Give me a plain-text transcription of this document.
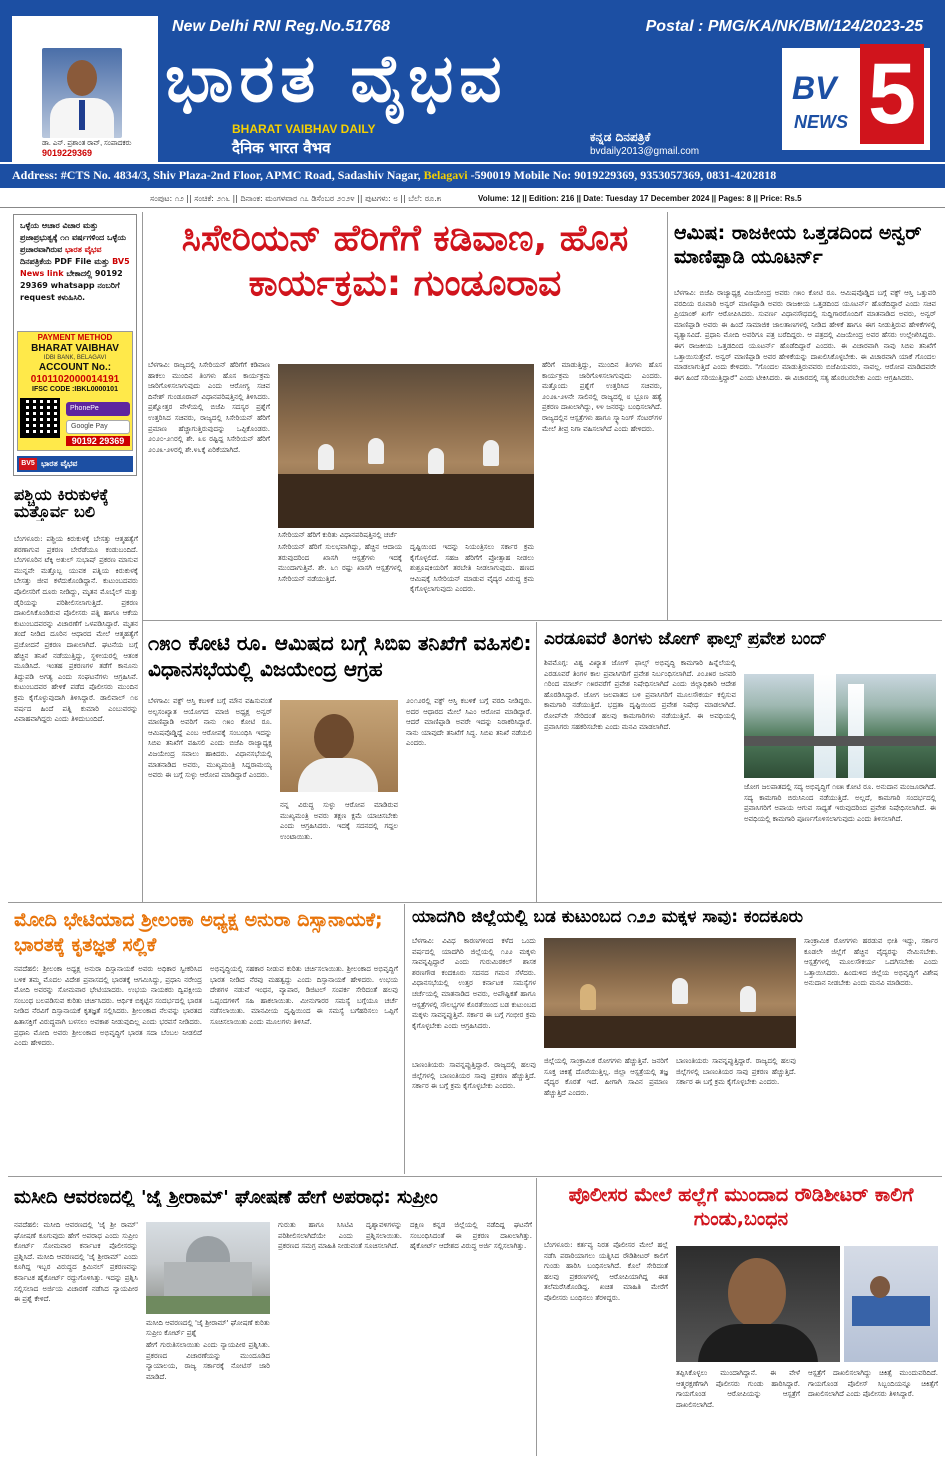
ಡಾ. ಎನ್. ಪ್ರಶಾಂತ ರಾವ್, ಸಂಪಾದಕರು
9019229369
New Delhi RNI Reg.No.51768	Postal : PMG/KA/NK/BM/124/2023-25
ಭಾರತ ವೈಭವ
BHARAT VAIBHAV DAILY
दैनिक भारत वैभव
ಕನ್ನಡ ದಿನಪತ್ರಿಕೆ
bvdaily2013@gmail.com
BV 5
NEWS
Address: #CTS No. 4834/3, Shiv Plaza-2nd Floor, APMC Road, Sadashiv Nagar, Belagavi -590019 Mobile No: 9019229369, 9353057369, 0831-4202818
ಸಂಪುಟ: ೧೨ || ಸಂಚಿಕೆ: ೨೧೬ || ದಿನಾಂಕ: ಮಂಗಳವಾರ ೧೭ ಡಿಸೆಂಬರ ೨೦೨೪ || ಪುಟಗಳು: ೮ || ಬೆಲೆ: ರೂ.೫	Volume: 12 || Edition: 216 || Date: Tuesday 17 December 2024 || Pages: 8 || Price: Rs.5
ಒಳ್ಳೆಯ ಆಚಾರ ವಿಚಾರ ಮತ್ತು ಪ್ರಜಾಪ್ರಭುತ್ವಕ್ಕೆ ೧೧ ವರ್ಷಗಳಿಂದ ಒಳ್ಳೆಯ ಪ್ರಚಾರವಾಗಿರುವ ಭಾರತ ವೈಭವ ದಿನಪತ್ರಿಕೆಯ PDF File ಮತ್ತು BV5 News link ಬೇಕಾದಲ್ಲಿ 90192 29369 whatsapp ನಂಬರಿಗೆ request ಕಳುಹಿಸಿರಿ.
PAYMENT METHOD
BHARAT VAIBHAV
IDBI BANK, BELAGAVI
ACCOUNT No.:
0101102000014191
IFSC CODE :IBKL0000101
PhonePe
Google Pay
90192 29369
ಭಾರತ ವೈಭವ
BV5
ಪಶ್ಚಿಯ ಕಿರುಕುಳಕ್ಕೆ ಮತ್ತೊರ್ವ ಬಲಿ
ಬೆಂಗಳೂರು: ಪಶ್ಚಿಯ ಕಿರುಕುಳಕ್ಕೆ ಬೇಸತ್ತು ಆತ್ಮಹತ್ಯೆಗೆ ಶರಣಾಗುವ ಪ್ರಕರಣ ಬೇರೆಡೆಯೂ ಕಂಡುಬಂದಿದೆ. ಬೆಂಗಳೂರಿನ ಟೆಕ್ಕಿ ಅತುಲ್ ಸುಭಾಷ್ ಪ್ರಕರಣ ಮಾಸುವ ಮುನ್ನವೇ ಮತ್ತೊಬ್ಬ ಯುವಕ ಪತ್ನಿಯ ಕಿರುಕುಳಕ್ಕೆ ಬೇಸತ್ತು ಜೀವ ಕಳೆದುಕೊಂಡಿದ್ದಾನೆ. ಕುಟುಂಬದವರು ಪೊಲೀಸರಿಗೆ ದೂರು ನೀಡಿದ್ದು, ಮೃತನ ಮೊಬೈಲ್ ಮತ್ತು ಡೈರಿಯನ್ನು ಪರಿಶೀಲಿಸಲಾಗುತ್ತಿದೆ. ಪ್ರಕರಣ ದಾಖಲಿಸಿಕೊಂಡಿರುವ ಪೊಲೀಸರು ಪತ್ನಿ ಹಾಗೂ ಆಕೆಯ ಕುಟುಂಬದವರನ್ನು ವಿಚಾರಣೆಗೆ ಒಳಪಡಿಸಿದ್ದಾರೆ. ಮೃತನ ತಂದೆ ನೀಡಿದ ದೂರಿನ ಆಧಾರದ ಮೇಲೆ ಆತ್ಮಹತ್ಯೆಗೆ ಪ್ರಚೋದನೆ ಪ್ರಕರಣ ದಾಖಲಾಗಿದೆ. ಘಟನೆಯ ಬಗ್ಗೆ ಹೆಚ್ಚಿನ ತನಿಖೆ ನಡೆಯುತ್ತಿದ್ದು, ಸ್ಥಳೀಯರಲ್ಲಿ ಆತಂಕ ಮೂಡಿಸಿದೆ. ಇಂತಹ ಪ್ರಕರಣಗಳ ತಡೆಗೆ ಕಾನೂನು ತಿದ್ದುಪಡಿ ಅಗತ್ಯ ಎಂದು ಸಂಘಟನೆಗಳು ಆಗ್ರಹಿಸಿವೆ. ಕುಟುಂಬದವರ ಹೇಳಿಕೆ ಪಡೆದ ಪೊಲೀಸರು ಮುಂದಿನ ಕ್ರಮ ಕೈಗೊಳ್ಳುವುದಾಗಿ ತಿಳಿಸಿದ್ದಾರೆ. ಡಾಲಿವಾಲ್ ೧೮ ವರ್ಷದ ಹಿಂದೆ ಪತ್ನಿ ಕುಮಾರಿ ಎಂಬುವರನ್ನು ವಿವಾಹವಾಗಿದ್ದರು ಎಂದು ತಿಳಿದುಬಂದಿದೆ.
ಸಿಸೇರಿಯನ್ ಹೆರಿಗೆಗೆ ಕಡಿವಾಣ, ಹೊಸ ಕಾರ್ಯಕ್ರಮ: ಗುಂಡೂರಾವ
ಬೆಳಗಾವಿ: ರಾಜ್ಯದಲ್ಲಿ ಸಿಸೇರಿಯನ್ ಹೆರಿಗೆಗೆ ಕಡಿವಾಣ ಹಾಕಲು ಮುಂದಿನ ತಿಂಗಳು ಹೊಸ ಕಾರ್ಯಕ್ರಮ ಜಾರಿಗೊಳಿಸಲಾಗುವುದು ಎಂದು ಆರೋಗ್ಯ ಸಚಿವ ದಿನೇಶ್ ಗುಂಡೂರಾವ್ ವಿಧಾನಪರಿಷತ್ತಿನಲ್ಲಿ ತಿಳಿಸಿದರು. ಪ್ರಶ್ನೋತ್ತರ ವೇಳೆಯಲ್ಲಿ ಬಿಜೆಪಿ ಸದಸ್ಯರ ಪ್ರಶ್ನೆಗೆ ಉತ್ತರಿಸಿದ ಸಚಿವರು, ರಾಜ್ಯದಲ್ಲಿ ಸಿಸೇರಿಯನ್ ಹೆರಿಗೆ ಪ್ರಮಾಣ ಹೆಚ್ಚಾಗುತ್ತಿರುವುದನ್ನು ಒಪ್ಪಿಕೊಂಡರು. ೨೦೨೦-೨೧ರಲ್ಲಿ ಶೇ. ೩೮ ರಷ್ಟಿದ್ದ ಸಿಸೇರಿಯನ್ ಹೆರಿಗೆ ೨೦೨೩-೨೪ರಲ್ಲಿ ಶೇ.೪೬ಕ್ಕೆ ಏರಿಕೆಯಾಗಿದೆ.
ಸಿಸೇರಿಯನ್ ಹೆರಿಗೆ ಕುರಿತು ವಿಧಾನಪರಿಷತ್ತಿನಲ್ಲಿ ಚರ್ಚೆ
ಸಿಸೇರಿಯನ್ ಹೆರಿಗೆ ಸುಲಭವಾಗಿದ್ದು, ಹೆಚ್ಚಿನ ಆದಾಯ ತರುವುದರಿಂದ ಖಾಸಗಿ ಆಸ್ಪತ್ರೆಗಳು ಇದಕ್ಕೆ ಮುಂದಾಗುತ್ತಿವೆ. ಶೇ. ೬೧ ರಷ್ಟು ಖಾಸಗಿ ಆಸ್ಪತ್ರೆಗಳಲ್ಲಿ ಸಿಸೇರಿಯನ್ ನಡೆಯುತ್ತಿದೆ.
ದೃಷ್ಟಿಯಿಂದ ಇದನ್ನು ನಿಯಂತ್ರಿಸಲು ಸರ್ಕಾರ ಕ್ರಮ ಕೈಗೊಳ್ಳಲಿದೆ. ಸಹಜ ಹೆರಿಗೆಗೆ ಪ್ರೋತ್ಸಾಹ ನೀಡಲು ಶುಶ್ರೂಷಕಿಯರಿಗೆ ತರಬೇತಿ ನೀಡಲಾಗುವುದು. ಹಣದ ಆಮಿಷಕ್ಕೆ ಸಿಸೇರಿಯನ್ ಮಾಡುವ ವೈದ್ಯರ ವಿರುದ್ಧ ಕ್ರಮ ಕೈಗೊಳ್ಳಲಾಗುವುದು ಎಂದರು.
ಹೆರಿಗೆ ಮಾಡುತ್ತಿದ್ದು, ಮುಂದಿನ ತಿಂಗಳು ಹೊಸ ಕಾರ್ಯಕ್ರಮ ಜಾರಿಗೊಳಿಸಲಾಗುವುದು ಎಂದರು. ಮತ್ತೊಂದು ಪ್ರಶ್ನೆಗೆ ಉತ್ತರಿಸಿದ ಸಚಿವರು, ೨೦೨೩-೨೪ನೇ ಸಾಲಿನಲ್ಲಿ ರಾಜ್ಯದಲ್ಲಿ ೮ ಭ್ರೂಣ ಹತ್ಯೆ ಪ್ರಕರಣ ದಾಖಲಾಗಿದ್ದು, ೪೪ ಜನರನ್ನು ಬಂಧಿಸಲಾಗಿದೆ. ರಾಜ್ಯದಲ್ಲಿನ ಆಸ್ಪತ್ರೆಗಳು ಹಾಗೂ ಸ್ಕ್ಯಾನಿಂಗ್ ಸೆಂಟರ್‌ಗಳ ಮೇಲೆ ತೀವ್ರ ನಿಗಾ ವಹಿಸಲಾಗಿದೆ ಎಂದು ಹೇಳಿದರು.
ಆಮಿಷ: ರಾಜಕೀಯ ಒತ್ತಡದಿಂದ ಅನ್ವರ್ ಮಾಣಿಪ್ಪಾಡಿ ಯೂಟರ್ನ್
ಬೆಳಗಾವಿ: ಬಿಜೆಪಿ ರಾಜ್ಯಾಧ್ಯಕ್ಷ ವಿಜಯೇಂದ್ರ ಅವರು ೧೫೦ ಕೋಟಿ ರೂ. ಆಮಿಷವೊಡ್ಡಿದ ಬಗ್ಗೆ ವಕ್ಫ್ ಆಸ್ತಿ ಒತ್ತುವರಿ ವರದಿಯ ರೂವಾರಿ ಅನ್ವರ್ ಮಾಣಿಪ್ಪಾಡಿ ಅವರು ರಾಜಕೀಯ ಒತ್ತಡದಿಂದ ಯೂಟರ್ನ್ ಹೊಡೆದಿದ್ದಾರೆ ಎಂದು ಸಚಿವ ಪ್ರಿಯಾಂಕ್ ಖರ್ಗೆ ಆರೋಪಿಸಿದರು. ಸುವರ್ಣ ವಿಧಾನಸೌಧದಲ್ಲಿ ಸುದ್ದಿಗಾರರೊಂದಿಗೆ ಮಾತನಾಡಿದ ಅವರು, ಅನ್ವರ್ ಮಾಣಿಪ್ಪಾಡಿ ಅವರು ಈ ಹಿಂದೆ ಸಾಮಾಜಿಕ ಜಾಲತಾಣಗಳಲ್ಲಿ ನೀಡಿದ ಹೇಳಿಕೆ ಹಾಗೂ ಈಗ ನೀಡುತ್ತಿರುವ ಹೇಳಿಕೆಗಳಲ್ಲಿ ವ್ಯತ್ಯಾಸವಿದೆ. ಪ್ರಧಾನಿ ಮೋದಿ ಅವರಿಗೂ ಪತ್ರ ಬರೆದಿದ್ದರು. ಆ ಪತ್ರದಲ್ಲಿ ವಿಜಯೇಂದ್ರ ಅವರ ಹೆಸರು ಉಲ್ಲೇಖಿಸಿದ್ದರು. ಈಗ ರಾಜಕೀಯ ಒತ್ತಡದಿಂದ ಯೂಟರ್ನ್ ಹೊಡೆದಿದ್ದಾರೆ ಎಂದರು. ಈ ವಿಚಾರವಾಗಿ ನಾವು ಸಿಬಿಐ ತನಿಖೆಗೆ ಒತ್ತಾಯಿಸುತ್ತೇವೆ. ಅನ್ವರ್ ಮಾಣಿಪ್ಪಾಡಿ ಅವರ ಹೇಳಿಕೆಯನ್ನು ದಾಖಲಿಸಿಕೊಳ್ಳಬೇಕು. ಈ ವಿಚಾರವಾಗಿ ಯಾಕೆ ಗೊಂದಲ ಮಾಡಲಾಗುತ್ತಿದೆ ಎಂದು ಕೇಳಿದರು. "ಗೊಂದಲ ಮಾಡುತ್ತಿರುವವರು ಬಿಜೆಪಿಯವರು, ನಾವಲ್ಲ. ಆರೋಪ ಮಾಡಿದವರೇ ಈಗ ಹಿಂದೆ ಸರಿಯುತ್ತಿದ್ದಾರೆ" ಎಂದು ಟೀಕಿಸಿದರು. ಈ ವಿಚಾರದಲ್ಲಿ ಸತ್ಯ ಹೊರಬರಬೇಕು ಎಂದು ಆಗ್ರಹಿಸಿದರು.
೧೫೦ ಕೋಟಿ ರೂ. ಆಮಿಷದ ಬಗ್ಗೆ ಸಿಬಿಐ ತನಿಖೆಗೆ ವಹಿಸಲಿ: ವಿಧಾನಸಭೆಯಲ್ಲಿ ವಿಜಯೇಂದ್ರ ಆಗ್ರಹ
ಬೆಳಗಾವಿ: ವಕ್ಫ್ ಆಸ್ತಿ ಕಬಳಿಕೆ ಬಗ್ಗೆ ಮೌನ ವಹಿಸುವಂತೆ ಅಲ್ಪಸಂಖ್ಯಾತ ಆಯೋಗದ ಮಾಜಿ ಅಧ್ಯಕ್ಷ ಅನ್ವರ್ ಮಾಣಿಪ್ಪಾಡಿ ಅವರಿಗೆ ನಾನು ೧೫೦ ಕೋಟಿ ರೂ. ಆಮಿಷವೊಡ್ಡಿದ್ದೆ ಎಂಬ ಆರೋಪಕ್ಕೆ ಸಂಬಂಧಿಸಿ ಇದನ್ನು ಸಿಬಿಐ ತನಿಖೆಗೆ ವಹಿಸಲಿ ಎಂದು ಬಿಜೆಪಿ ರಾಜ್ಯಾಧ್ಯಕ್ಷ ವಿಜಯೇಂದ್ರ ಸವಾಲು ಹಾಕಿದರು. ವಿಧಾನಸಭೆಯಲ್ಲಿ ಮಾತನಾಡಿದ ಅವರು, ಮುಖ್ಯಮಂತ್ರಿ ಸಿದ್ದರಾಮಯ್ಯ ಅವರು ಈ ಬಗ್ಗೆ ಸುಳ್ಳು ಆರೋಪ ಮಾಡಿದ್ದಾರೆ ಎಂದರು.
ನನ್ನ ವಿರುದ್ಧ ಸುಳ್ಳು ಆರೋಪ ಮಾಡಿರುವ ಮುಖ್ಯಮಂತ್ರಿ ಅವರು ತಕ್ಷಣ ಕ್ಷಮೆ ಯಾಚಿಸಬೇಕು ಎಂದು ಆಗ್ರಹಿಸಿದರು. ಇದಕ್ಕೆ ಸದನದಲ್ಲಿ ಗದ್ದಲ ಉಂಟಾಯಿತು.
೨೦೧೨ರಲ್ಲಿ ವಕ್ಫ್ ಆಸ್ತಿ ಕಬಳಿಕೆ ಬಗ್ಗೆ ವರದಿ ನೀಡಿದ್ದರು. ಅದರ ಆಧಾರದ ಮೇಲೆ ಸಿಎಂ ಆರೋಪ ಮಾಡಿದ್ದಾರೆ. ಆದರೆ ಮಾಣಿಪ್ಪಾಡಿ ಅವರೇ ಇದನ್ನು ನಿರಾಕರಿಸಿದ್ದಾರೆ. ನಾನು ಯಾವುದೇ ತನಿಖೆಗೆ ಸಿದ್ಧ. ಸಿಬಿಐ ತನಿಖೆ ನಡೆಯಲಿ ಎಂದರು.
ಎರಡೂವರೆ ತಿಂಗಳು ಜೋಗ್ ಫಾಲ್ಸ್ ಪ್ರವೇಶ ಬಂದ್
ಶಿವಮೊಗ್ಗ: ವಿಶ್ವ ವಿಖ್ಯಾತ ಜೋಗ್ ಫಾಲ್ಸ್ ಅಭಿವೃದ್ಧಿ ಕಾಮಗಾರಿ ಹಿನ್ನೆಲೆಯಲ್ಲಿ ಎರಡೂವರೆ ತಿಂಗಳ ಕಾಲ ಪ್ರವಾಸಿಗರಿಗೆ ಪ್ರವೇಶ ನಿರ್ಬಂಧಿಸಲಾಗಿದೆ. ೨೦೨೫ರ ಜನವರಿ ೧ರಿಂದ ಮಾರ್ಚ್ ೧೫ರವರೆಗೆ ಪ್ರವೇಶ ನಿಷೇಧಿಸಲಾಗಿದೆ ಎಂದು ಜಿಲ್ಲಾಧಿಕಾರಿ ಆದೇಶ ಹೊರಡಿಸಿದ್ದಾರೆ. ಜೋಗ ಜಲಪಾತದ ಬಳಿ ಪ್ರವಾಸಿಗರಿಗೆ ಮೂಲಸೌಕರ್ಯ ಕಲ್ಪಿಸುವ ಕಾಮಗಾರಿ ನಡೆಯುತ್ತಿದೆ. ಭದ್ರತಾ ದೃಷ್ಟಿಯಿಂದ ಪ್ರವೇಶ ನಿಷೇಧ ಮಾಡಲಾಗಿದೆ. ರೋಪ್‌ವೇ ಸೇರಿದಂತೆ ಹಲವು ಕಾಮಗಾರಿಗಳು ನಡೆಯುತ್ತಿವೆ. ಈ ಅವಧಿಯಲ್ಲಿ ಪ್ರವಾಸಿಗರು ಸಹಕರಿಸಬೇಕು ಎಂದು ಮನವಿ ಮಾಡಲಾಗಿದೆ.
ಜೋಗ ಜಲಪಾತದಲ್ಲಿ ಸದ್ಯ ಅಭಿವೃದ್ಧಿಗೆ ೧೮೫ ಕೋಟಿ ರೂ. ಅನುದಾನ ಮಂಜೂರಾಗಿದೆ. ಸದ್ಯ ಕಾಮಗಾರಿ ಬಿರುಸಿನಿಂದ ನಡೆಯುತ್ತಿದೆ. ಅಲ್ಲದೆ, ಕಾಮಗಾರಿ ಸಂದರ್ಭದಲ್ಲಿ ಪ್ರವಾಸಿಗರಿಗೆ ಅಪಾಯ ಆಗುವ ಸಾಧ್ಯತೆ ಇರುವುದರಿಂದ ಪ್ರವೇಶ ನಿಷೇಧಿಸಲಾಗಿದೆ. ಈ ಅವಧಿಯಲ್ಲಿ ಕಾಮಗಾರಿ ಪೂರ್ಣಗೊಳಿಸಲಾಗುವುದು ಎಂದು ತಿಳಿಸಲಾಗಿದೆ.
ಮೋದಿ ಭೇಟಿಯಾದ ಶ್ರೀಲಂಕಾ ಅಧ್ಯಕ್ಷ ಅನುರಾ ದಿಸ್ಸಾನಾಯಕೆ; ಭಾರತಕ್ಕೆ ಕೃತಜ್ಞತೆ ಸಲ್ಲಿಕೆ
ನವದೆಹಲಿ: ಶ್ರೀಲಂಕಾ ಅಧ್ಯಕ್ಷ ಅನುರಾ ದಿಸ್ಸಾನಾಯಕೆ ಅವರು ಅಧಿಕಾರ ಸ್ವೀಕರಿಸಿದ ಬಳಿಕ ತಮ್ಮ ಮೊದಲ ವಿದೇಶ ಪ್ರವಾಸದಲ್ಲಿ ಭಾರತಕ್ಕೆ ಆಗಮಿಸಿದ್ದು, ಪ್ರಧಾನಿ ನರೇಂದ್ರ ಮೋದಿ ಅವರನ್ನು ಸೋಮವಾರ ಭೇಟಿಯಾದರು. ಉಭಯ ನಾಯಕರು ದ್ವಿಪಕ್ಷೀಯ ಸಂಬಂಧ ಬಲಪಡಿಸುವ ಕುರಿತು ಚರ್ಚಿಸಿದರು. ಆರ್ಥಿಕ ಬಿಕ್ಕಟ್ಟಿನ ಸಂದರ್ಭದಲ್ಲಿ ಭಾರತ ನೀಡಿದ ನೆರವಿಗೆ ದಿಸ್ಸಾನಾಯಕೆ ಕೃತಜ್ಞತೆ ಸಲ್ಲಿಸಿದರು. ಶ್ರೀಲಂಕಾದ ನೆಲವನ್ನು ಭಾರತದ ಹಿತಾಸಕ್ತಿಗೆ ವಿರುದ್ಧವಾಗಿ ಬಳಸಲು ಅವಕಾಶ ನೀಡುವುದಿಲ್ಲ ಎಂದು ಭರವಸೆ ನೀಡಿದರು. ಪ್ರಧಾನಿ ಮೋದಿ ಅವರು ಶ್ರೀಲಂಕಾದ ಅಭಿವೃದ್ಧಿಗೆ ಭಾರತ ಸದಾ ಬೆಂಬಲ ನೀಡಲಿದೆ ಎಂದು ಹೇಳಿದರು.
ಅಭಿವೃದ್ಧಿಯಲ್ಲಿ ಸಹಕಾರ ನೀಡುವ ಕುರಿತು ಚರ್ಚಿಸಲಾಯಿತು. ಶ್ರೀಲಂಕಾದ ಅಭಿವೃದ್ಧಿಗೆ ಭಾರತ ನೀಡಿದ ನೆರವು ಮಹತ್ವದ್ದು ಎಂದು ದಿಸ್ಸಾನಾಯಕೆ ಹೇಳಿದರು. ಉಭಯ ದೇಶಗಳ ನಡುವೆ ಇಂಧನ, ವ್ಯಾಪಾರ, ಡಿಜಿಟಲ್ ಸಂಪರ್ಕ ಸೇರಿದಂತೆ ಹಲವು ಒಪ್ಪಂದಗಳಿಗೆ ಸಹಿ ಹಾಕಲಾಯಿತು. ಮೀನುಗಾರರ ಸಮಸ್ಯೆ ಬಗ್ಗೆಯೂ ಚರ್ಚೆ ನಡೆಸಲಾಯಿತು. ಮಾನವೀಯ ದೃಷ್ಟಿಯಿಂದ ಈ ಸಮಸ್ಯೆ ಬಗೆಹರಿಸಲು ಒಪ್ಪಿಗೆ ಸೂಚಿಸಲಾಯಿತು ಎಂದು ಮೂಲಗಳು ತಿಳಿಸಿವೆ.
ಯಾದಗಿರಿ ಜಿಲ್ಲೆಯಲ್ಲಿ ಬಡ ಕುಟುಂಬದ ೧೨೨ ಮಕ್ಕಳ ಸಾವು: ಕಂದಕೂರು
ಬೆಳಗಾವಿ: ವಿವಿಧ ಕಾರಣಗಳಿಂದ ಕಳೆದ ಒಂದು ವರ್ಷದಲ್ಲಿ ಯಾದಗಿರಿ ಜಿಲ್ಲೆಯಲ್ಲಿ ೧೨೨ ಮಕ್ಕಳು ಸಾವನ್ನಪ್ಪಿದ್ದಾರೆ ಎಂದು ಗುರುಮಿಠಕಲ್ ಶಾಸಕ ಶರಣಗೌಡ ಕಂದಕೂರು ಸದನದ ಗಮನ ಸೆಳೆದರು. ವಿಧಾನಸಭೆಯಲ್ಲಿ ಉತ್ತರ ಕರ್ನಾಟಕ ಸಮಸ್ಯೆಗಳ ಚರ್ಚೆಯಲ್ಲಿ ಮಾತನಾಡಿದ ಅವರು, ಅಪೌಷ್ಟಿಕತೆ ಹಾಗೂ ಆಸ್ಪತ್ರೆಗಳಲ್ಲಿ ಸೌಲಭ್ಯಗಳ ಕೊರತೆಯಿಂದ ಬಡ ಕುಟುಂಬದ ಮಕ್ಕಳು ಸಾವನ್ನಪ್ಪುತ್ತಿವೆ. ಸರ್ಕಾರ ಈ ಬಗ್ಗೆ ಗಂಭೀರ ಕ್ರಮ ಕೈಗೊಳ್ಳಬೇಕು ಎಂದು ಆಗ್ರಹಿಸಿದರು.
ಬಾಣಂತಿಯರು ಸಾವನ್ನಪ್ಪುತ್ತಿದ್ದಾರೆ. ರಾಜ್ಯದಲ್ಲಿ ಹಲವು ಜಿಲ್ಲೆಗಳಲ್ಲಿ ಬಾಣಂತಿಯರ ಸಾವು ಪ್ರಕರಣ ಹೆಚ್ಚುತ್ತಿದೆ. ಸರ್ಕಾರ ಈ ಬಗ್ಗೆ ಕ್ರಮ ಕೈಗೊಳ್ಳಬೇಕು ಎಂದರು.
ಜಿಲ್ಲೆಯಲ್ಲಿ ಸಾಂಕ್ರಾಮಿಕ ರೋಗಗಳು ಹೆಚ್ಚುತ್ತಿವೆ. ಜನರಿಗೆ ಸೂಕ್ತ ಚಿಕಿತ್ಸೆ ದೊರೆಯುತ್ತಿಲ್ಲ. ಜಿಲ್ಲಾ ಆಸ್ಪತ್ರೆಯಲ್ಲಿ ತಜ್ಞ ವೈದ್ಯರ ಕೊರತೆ ಇದೆ. ಹೀಗಾಗಿ ಸಾವಿನ ಪ್ರಮಾಣ ಹೆಚ್ಚುತ್ತಿದೆ ಎಂದರು.
ಬಾಣಂತಿಯರು ಸಾವನ್ನಪ್ಪುತ್ತಿದ್ದಾರೆ. ರಾಜ್ಯದಲ್ಲಿ ಹಲವು ಜಿಲ್ಲೆಗಳಲ್ಲಿ ಬಾಣಂತಿಯರ ಸಾವು ಪ್ರಕರಣ ಹೆಚ್ಚುತ್ತಿದೆ. ಸರ್ಕಾರ ಈ ಬಗ್ಗೆ ಕ್ರಮ ಕೈಗೊಳ್ಳಬೇಕು ಎಂದರು.
ಸಾಂಕ್ರಾಮಿಕ ರೋಗಗಳು ಹರಡುವ ಭೀತಿ ಇದ್ದು, ಸರ್ಕಾರ ಕೂಡಲೇ ಜಿಲ್ಲೆಗೆ ಹೆಚ್ಚಿನ ವೈದ್ಯರನ್ನು ನೇಮಿಸಬೇಕು. ಆಸ್ಪತ್ರೆಗಳಲ್ಲಿ ಮೂಲಸೌಕರ್ಯ ಒದಗಿಸಬೇಕು ಎಂದು ಒತ್ತಾಯಿಸಿದರು. ಹಿಂದುಳಿದ ಜಿಲ್ಲೆಯ ಅಭಿವೃದ್ಧಿಗೆ ವಿಶೇಷ ಅನುದಾನ ನೀಡಬೇಕು ಎಂದು ಮನವಿ ಮಾಡಿದರು.
ಮಸೀದಿ ಆವರಣದಲ್ಲಿ 'ಜೈ ಶ್ರೀರಾಮ್' ಘೋಷಣೆ ಹೇಗೆ ಅಪರಾಧ: ಸುಪ್ರೀಂ
ನವದೆಹಲಿ: ಮಸೀದಿ ಆವರಣದಲ್ಲಿ 'ಜೈ ಶ್ರೀ ರಾಮ್' ಘೋಷಣೆ ಕೂಗುವುದು ಹೇಗೆ ಅಪರಾಧ ಎಂದು ಸುಪ್ರೀಂ ಕೋರ್ಟ್ ಸೋಮವಾರ ಕರ್ನಾಟಕ ಪೊಲೀಸರನ್ನು ಪ್ರಶ್ನಿಸಿದೆ. ಮಸೀದಿ ಆವರಣದಲ್ಲಿ 'ಜೈ ಶ್ರೀರಾಮ್' ಎಂದು ಕೂಗಿದ್ದ ಇಬ್ಬರ ವಿರುದ್ಧದ ಕ್ರಿಮಿನಲ್ ಪ್ರಕರಣವನ್ನು ಕರ್ನಾಟಕ ಹೈಕೋರ್ಟ್ ರದ್ದುಗೊಳಿಸಿತ್ತು. ಇದನ್ನು ಪ್ರಶ್ನಿಸಿ ಸಲ್ಲಿಸಲಾದ ಅರ್ಜಿಯ ವಿಚಾರಣೆ ನಡೆಸಿದ ನ್ಯಾಯಪೀಠ ಈ ಪ್ರಶ್ನೆ ಕೇಳಿದೆ.
ಮಸೀದಿ ಆವರಣದಲ್ಲಿ 'ಜೈ ಶ್ರೀರಾಮ್' ಘೋಷಣೆ ಕುರಿತು ಸುಪ್ರೀಂ ಕೋರ್ಟ್ ಪ್ರಶ್ನೆ
ಹೇಗೆ ಗುರುತಿಸಲಾಯಿತು ಎಂದು ನ್ಯಾಯಪೀಠ ಪ್ರಶ್ನಿಸಿತು. ಪ್ರಕರಣದ ವಿಚಾರಣೆಯನ್ನು ಮುಂದೂಡಿದ ನ್ಯಾಯಾಲಯ, ರಾಜ್ಯ ಸರ್ಕಾರಕ್ಕೆ ನೋಟಿಸ್ ಜಾರಿ ಮಾಡಿದೆ.
ಗುರುತು ಹಾಗೂ ಸಿಸಿಟಿವಿ ದೃಶ್ಯಾವಳಿಗಳನ್ನು ಪರಿಶೀಲಿಸಲಾಗಿದೆಯೇ ಎಂದು ಪ್ರಶ್ನಿಸಲಾಯಿತು. ಪ್ರಕರಣದ ಸಮಗ್ರ ಮಾಹಿತಿ ನೀಡುವಂತೆ ಸೂಚಿಸಲಾಗಿದೆ.
ದಕ್ಷಿಣ ಕನ್ನಡ ಜಿಲ್ಲೆಯಲ್ಲಿ ನಡೆದಿದ್ದ ಘಟನೆಗೆ ಸಂಬಂಧಿಸಿದಂತೆ ಈ ಪ್ರಕರಣ ದಾಖಲಾಗಿತ್ತು. ಹೈಕೋರ್ಟ್ ಆದೇಶದ ವಿರುದ್ಧ ಅರ್ಜಿ ಸಲ್ಲಿಸಲಾಗಿತ್ತು.
ಪೊಲೀಸರ ಮೇಲೆ ಹಲ್ಲೆಗೆ ಮುಂದಾದ ರೌಡಿಶೀಟರ್ ಕಾಲಿಗೆ ಗುಂಡು,ಬಂಧನ
ಬೆಂಗಳೂರು: ಕರ್ತವ್ಯ ನಿರತ ಪೊಲೀಸರ ಮೇಲೆ ಹಲ್ಲೆ ನಡೆಸಿ ಪರಾರಿಯಾಗಲು ಯತ್ನಿಸಿದ ರೌಡಿಶೀಟರ್ ಕಾಲಿಗೆ ಗುಂಡು ಹಾರಿಸಿ ಬಂಧಿಸಲಾಗಿದೆ. ಕೊಲೆ ಸೇರಿದಂತೆ ಹಲವು ಪ್ರಕರಣಗಳಲ್ಲಿ ಆರೋಪಿಯಾಗಿದ್ದ ಈತ ತಲೆಮರೆಸಿಕೊಂಡಿದ್ದ. ಖಚಿತ ಮಾಹಿತಿ ಮೇರೆಗೆ ಪೊಲೀಸರು ಬಂಧಿಸಲು ತೆರಳಿದ್ದರು.
ತಪ್ಪಿಸಿಕೊಳ್ಳಲು ಮುಂದಾಗಿದ್ದಾನೆ. ಈ ವೇಳೆ ಆತ್ಮರಕ್ಷಣೆಗಾಗಿ ಪೊಲೀಸರು ಗುಂಡು ಹಾರಿಸಿದ್ದಾರೆ. ಗಾಯಗೊಂಡ ಆರೋಪಿಯನ್ನು ಆಸ್ಪತ್ರೆಗೆ ದಾಖಲಿಸಲಾಗಿದೆ.
ಆಸ್ಪತ್ರೆಗೆ ದಾಖಲಿಸಲಾಗಿದ್ದು ಚಿಕಿತ್ಸೆ ಮುಂದುವರಿದಿದೆ. ಗಾಯಗೊಂಡ ಪೊಲೀಸ್ ಸಿಬ್ಬಂದಿಯನ್ನೂ ಚಿಕಿತ್ಸೆಗೆ ದಾಖಲಿಸಲಾಗಿದೆ ಎಂದು ಪೊಲೀಸರು ತಿಳಿಸಿದ್ದಾರೆ.
